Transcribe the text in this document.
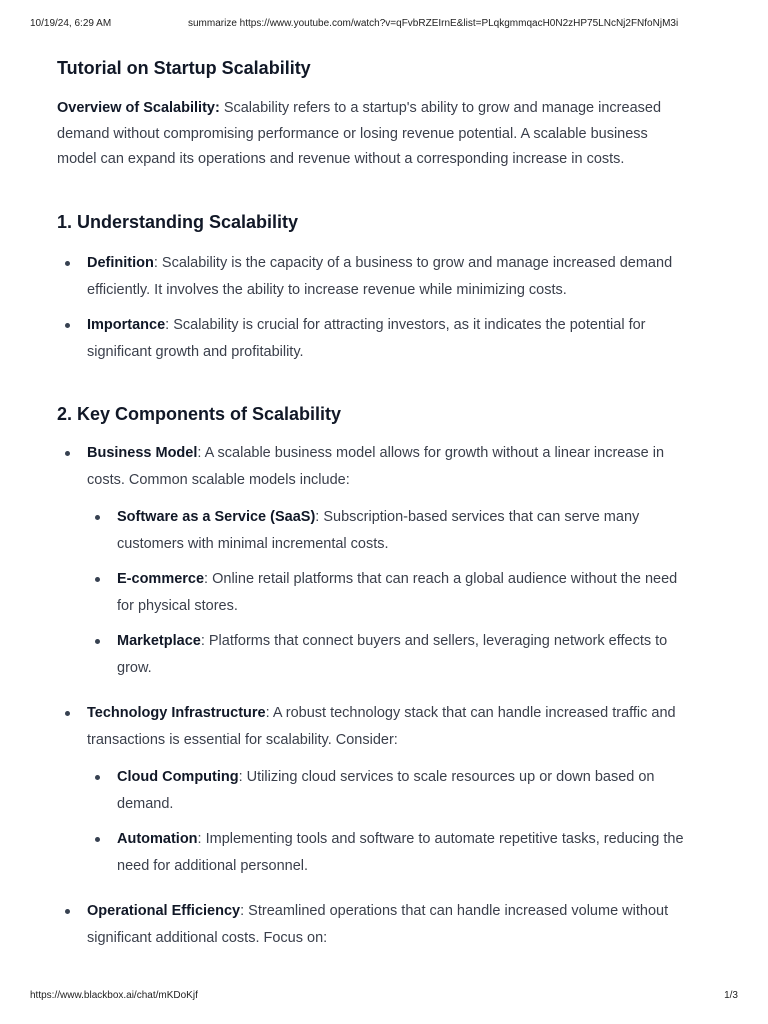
10/19/24, 6:29 AM	summarize https://www.youtube.com/watch?v=qFvbRZEIrnE&list=PLqkgmmqacH0N2zHP75LNcNj2FNfoNjM3i
Tutorial on Startup Scalability

Overview of Scalability: Scalability refers to a startup's ability to grow and manage increased demand without compromising performance or losing revenue potential. A scalable business model can expand its operations and revenue without a corresponding increase in costs.

1. Understanding Scalability
Definition: Scalability is the capacity of a business to grow and manage increased demand efficiently. It involves the ability to increase revenue while minimizing costs.
Importance: Scalability is crucial for attracting investors, as it indicates the potential for significant growth and profitability.
2. Key Components of Scalability
Business Model: A scalable business model allows for growth without a linear increase in costs. Common scalable models include:
Software as a Service (SaaS): Subscription-based services that can serve many customers with minimal incremental costs.
E-commerce: Online retail platforms that can reach a global audience without the need for physical stores.
Marketplace: Platforms that connect buyers and sellers, leveraging network effects to grow.
Technology Infrastructure: A robust technology stack that can handle increased traffic and transactions is essential for scalability. Consider:
Cloud Computing: Utilizing cloud services to scale resources up or down based on demand.
Automation: Implementing tools and software to automate repetitive tasks, reducing the need for additional personnel.
Operational Efficiency: Streamlined operations that can handle increased volume without significant additional costs. Focus on:
https://www.blackbox.ai/chat/mKDoKjf	1/3
